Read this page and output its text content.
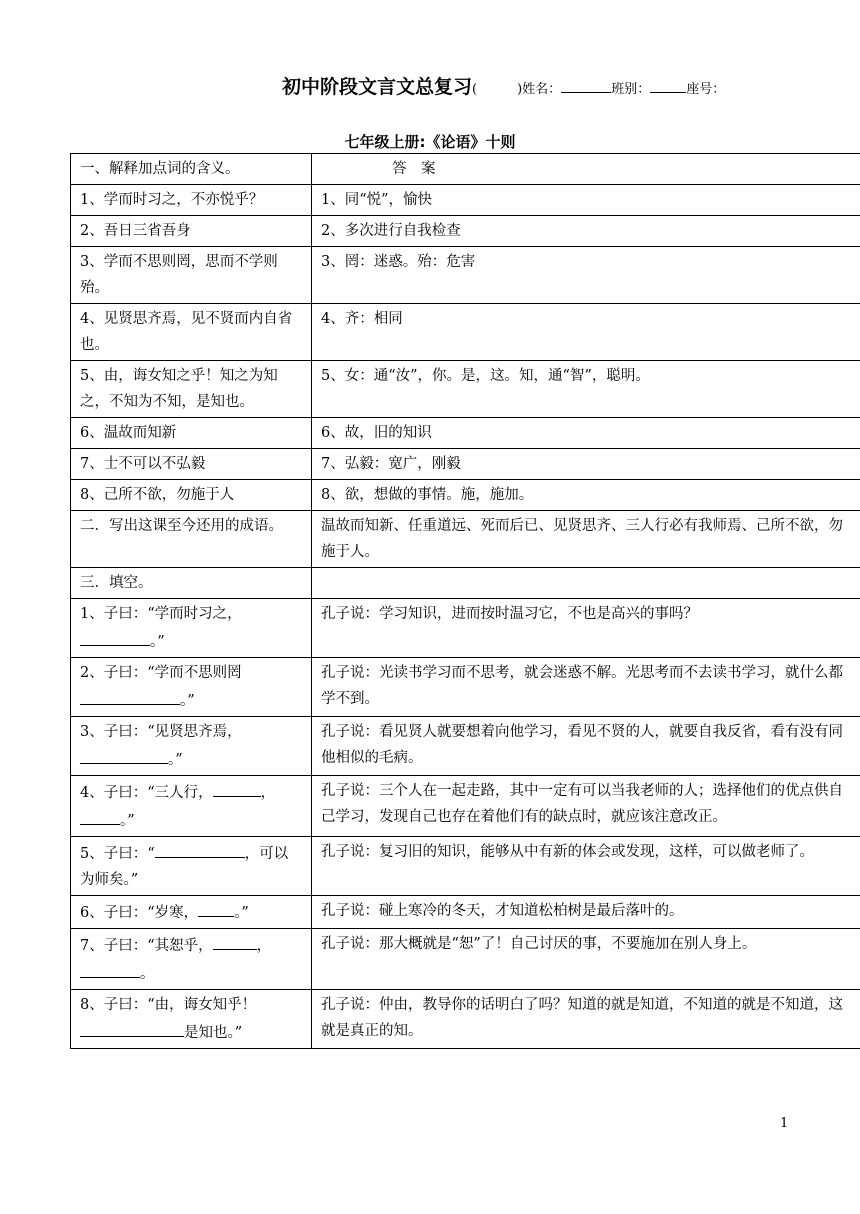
初中阶段文言文总复习(	)姓名：	班别：	座号：
七年级上册:《论语》十则
一、解释加点词的含义。	答　案
1、学而时习之，不亦悦乎？	1、同“悦”，愉快
2、吾日三省吾身	2、多次进行自我检查
3、学而不思则罔，思而不学则殆。	3、罔：迷惑。殆：危害
4、见贤思齐焉，见不贤而内自省也。	4、齐：相同
5、由，诲女知之乎！知之为知之，不知为不知，是知也。	5、女：通“汝”，你。是，这。知，通“智”，聪明。
6、温故而知新	6、故，旧的知识
7、士不可以不弘毅	7、弘毅：宽广，刚毅
8、己所不欲，勿施于人	8、欲，想做的事情。施，施加。
二．写出这课至今还用的成语。	温故而知新、任重道远、死而后已、见贤思齐、三人行必有我师焉、己所不欲，勿施于人。
三．填空。	
1、子曰：“学而时习之，。”	孔子说：学习知识，进而按时温习它，不也是高兴的事吗？
2、子曰：“学而不思则罔。”	孔子说：光读书学习而不思考，就会迷惑不解。光思考而不去读书学习，就什么都学不到。
3、子曰：“见贤思齐焉，。”	孔子说：看见贤人就要想着向他学习，看见不贤的人，就要自我反省，看有没有同他相似的毛病。
4、子曰：“三人行， ，。”	孔子说：三个人在一起走路，其中一定有可以当我老师的人；选择他们的优点供自己学习，发现自己也存在着他们有的缺点时，就应该注意改正。
5、子曰：“ ，可以为师矣。”	孔子说：复习旧的知识，能够从中有新的体会或发现，这样，可以做老师了。
6、子曰：“岁寒， 。”	孔子说：碰上寒冷的冬天，才知道松柏树是最后落叶的。
7、子曰：“其恕乎， ，。	孔子说：那大概就是“恕”了！自己讨厌的事，不要施加在别人身上。
8、子曰：“由，诲女知乎！是知也。”	孔子说：仲由，教导你的话明白了吗？知道的就是知道，不知道的就是不知道，这就是真正的知。
1
